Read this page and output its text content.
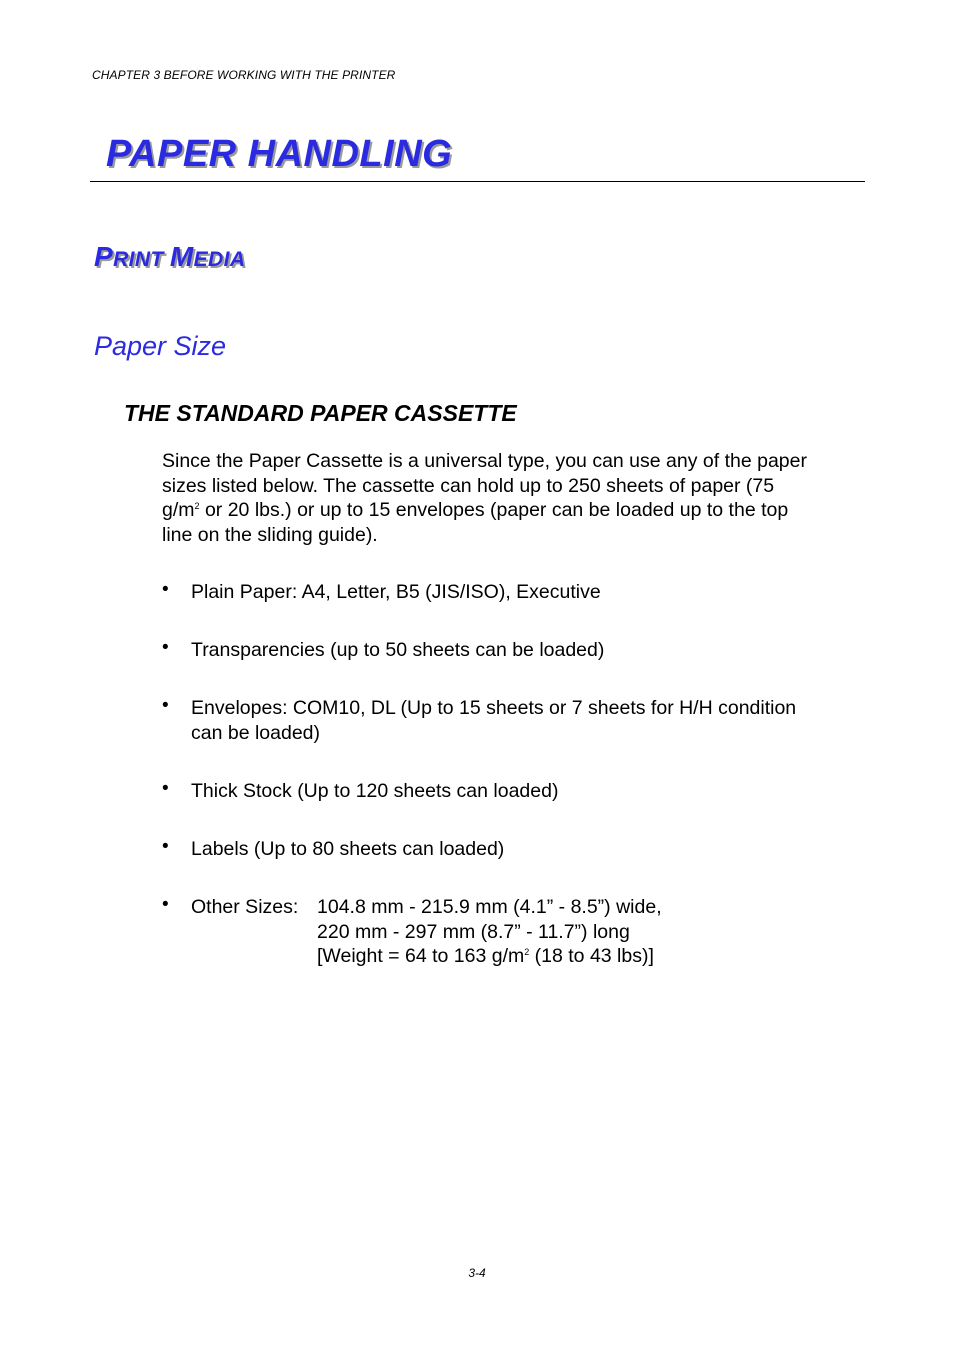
CHAPTER 3 BEFORE WORKING WITH THE PRINTER
PAPER HANDLING
PRINT MEDIA
Paper Size
THE STANDARD PAPER CASSETTE
Since the Paper Cassette is a universal type, you can use any of the paper
sizes listed below. The cassette can hold up to 250 sheets of paper (75
$g/m^2$ or 20 lbs.) or up to 15 envelopes (paper can be loaded up to the top
line on the sliding guide).
• Plain Paper: A4, Letter, B5 (JIS/ISO), Executive
• Transparencies (up to 50 sheets can be loaded)
• Envelopes: COM10, DL (Up to 15 sheets or 7 sheets for H/H condition
can be loaded)
• Thick Stock (Up to 120 sheets can loaded)
• Labels (Up to 80 sheets can loaded)
• Other Sizes: 104.8 mm - 215.9 mm (4.1” - 8.5”) wide,
220 mm - 297 mm (8.7” - 11.7”) long
[Weight = 64 to 163 $g/m^2$ (18 to 43 lbs)]
3-4
